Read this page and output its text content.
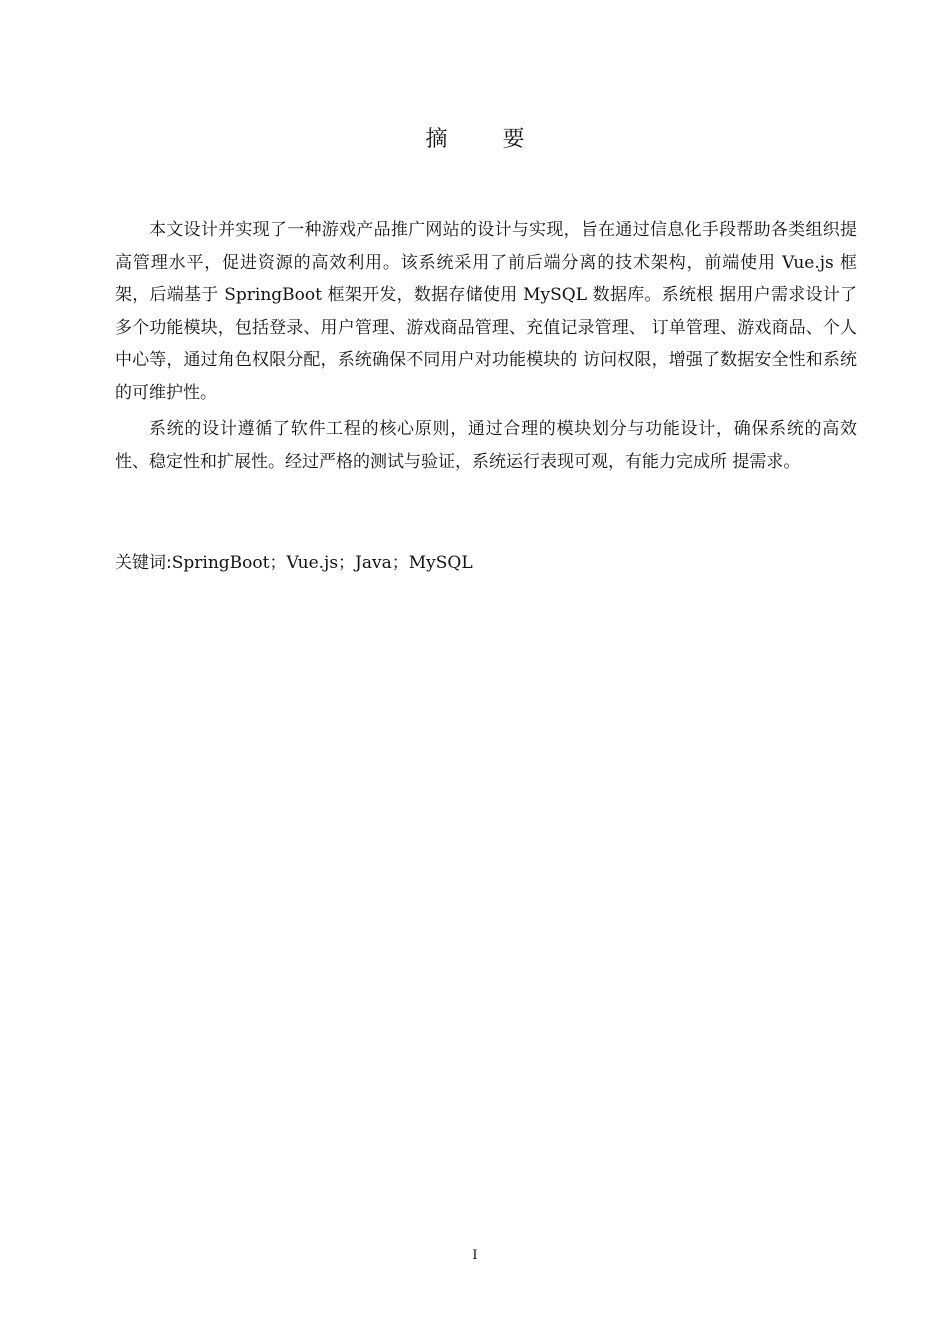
摘 要

本文设计并实现了一种游戏产品推广网站的设计与实现，旨在通过信息化手段帮助各类组织提高管理水平，促进资源的高效利用。该系统采用了前后端分离的技术架构，前端使用 Vue.js 框架，后端基于 SpringBoot 框架开发，数据存储使用 MySQL 数据库。系统根 据用户需求设计了多个功能模块，包括登录、用户管理、游戏商品管理、充值记录管理、 订单管理、游戏商品、个人中心等，通过角色权限分配，系统确保不同用户对功能模块的 访问权限，增强了数据安全性和系统的可维护性。

系统的设计遵循了软件工程的核心原则，通过合理的模块划分与功能设计，确保系统的高效性、稳定性和扩展性。经过严格的测试与验证，系统运行表现可观，有能力完成所 提需求。

关键词:SpringBoot；Vue.js；Java；MySQL
I
